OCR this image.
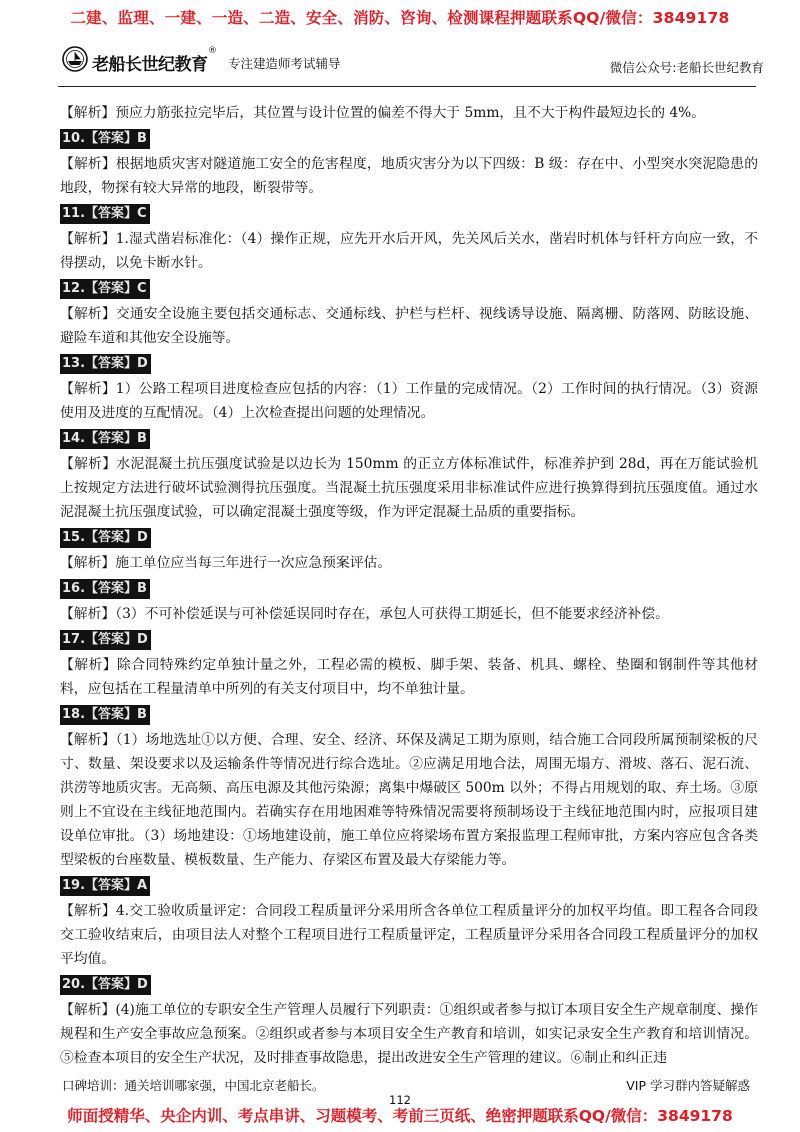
二建、监理、一建、一造、二造、安全、消防、咨询、检测课程押题联系QQ/微信：3849178
老船长世纪教育
®
专注建造师考试辅导	微信公众号:老船长世纪教育

【解析】预应力筋张拉完毕后，其位置与设计位置的偏差不得大于 5mm，且不大于构件最短边长的 4%。

10.【答案】B

【解析】根据地质灾害对隧道施工安全的危害程度，地质灾害分为以下四级：B 级：存在中、小型突水突泥隐患的地段，物探有较大异常的地段，断裂带等。

11.【答案】C

【解析】1.湿式凿岩标准化：（4）操作正规，应先开水后开风，先关风后关水，凿岩时机体与钎杆方向应一致，不得摆动，以免卡断水针。

12.【答案】C

【解析】交通安全设施主要包括交通标志、交通标线、护栏与栏杆、视线诱导设施、隔离栅、防落网、防眩设施、避险车道和其他安全设施等。

13.【答案】D

【解析】1）公路工程项目进度检查应包括的内容：（1）工作量的完成情况。（2）工作时间的执行情况。（3）资源使用及进度的互配情况。（4）上次检查提出问题的处理情况。

14.【答案】B

【解析】水泥混凝土抗压强度试验是以边长为 150mm 的正立方体标准试件，标准养护到 28d，再在万能试验机上按规定方法进行破坏试验测得抗压强度。当混凝土抗压强度采用非标准试件应进行换算得到抗压强度值。通过水泥混凝土抗压强度试验，可以确定混凝土强度等级，作为评定混凝土品质的重要指标。

15.【答案】D

【解析】施工单位应当每三年进行一次应急预案评估。

16.【答案】B

【解析】（3）不可补偿延误与可补偿延误同时存在，承包人可获得工期延长，但不能要求经济补偿。

17.【答案】D

【解析】除合同特殊约定单独计量之外，工程必需的模板、脚手架、装备、机具、螺栓、垫圈和钢制件等其他材料，应包括在工程量清单中所列的有关支付项目中，均不单独计量。

18.【答案】B

【解析】（1）场地选址①以方便、合理、安全、经济、环保及满足工期为原则，结合施工合同段所属预制梁板的尺寸、数量、架设要求以及运输条件等情况进行综合选址。②应满足用地合法，周围无塌方、滑坡、落石、泥石流、洪涝等地质灾害。无高频、高压电源及其他污染源；离集中爆破区 500m 以外；不得占用规划的取、弃土场。③原则上不宜设在主线征地范围内。若确实存在用地困难等特殊情况需要将预制场设于主线征地范围内时，应报项目建设单位审批。（3）场地建设：①场地建设前，施工单位应将梁场布置方案报监理工程师审批，方案内容应包含各类型梁板的台座数量、模板数量、生产能力、存梁区布置及最大存梁能力等。

19.【答案】A

【解析】4.交工验收质量评定：合同段工程质量评分采用所含各单位工程质量评分的加权平均值。即工程各合同段交工验收结束后，由项目法人对整个工程项目进行工程质量评定，工程质量评分采用各合同段工程质量评分的加权平均值。

20.【答案】D

【解析】(4)施工单位的专职安全生产管理人员履行下列职责：①组织或者参与拟订本项目安全生产规章制度、操作规程和生产安全事故应急预案。②组织或者参与本项目安全生产教育和培训，如实记录安全生产教育和培训情况。⑤检查本项目的安全生产状况，及时排查事故隐患，提出改进安全生产管理的建议。⑥制止和纠正违

口碑培训：通关培训哪家强，中国北京老船长。	VIP 学习群内答疑解惑
112
师面授精华、央企内训、考点串讲、习题模考、考前三页纸、绝密押题联系QQ/微信：3849178
